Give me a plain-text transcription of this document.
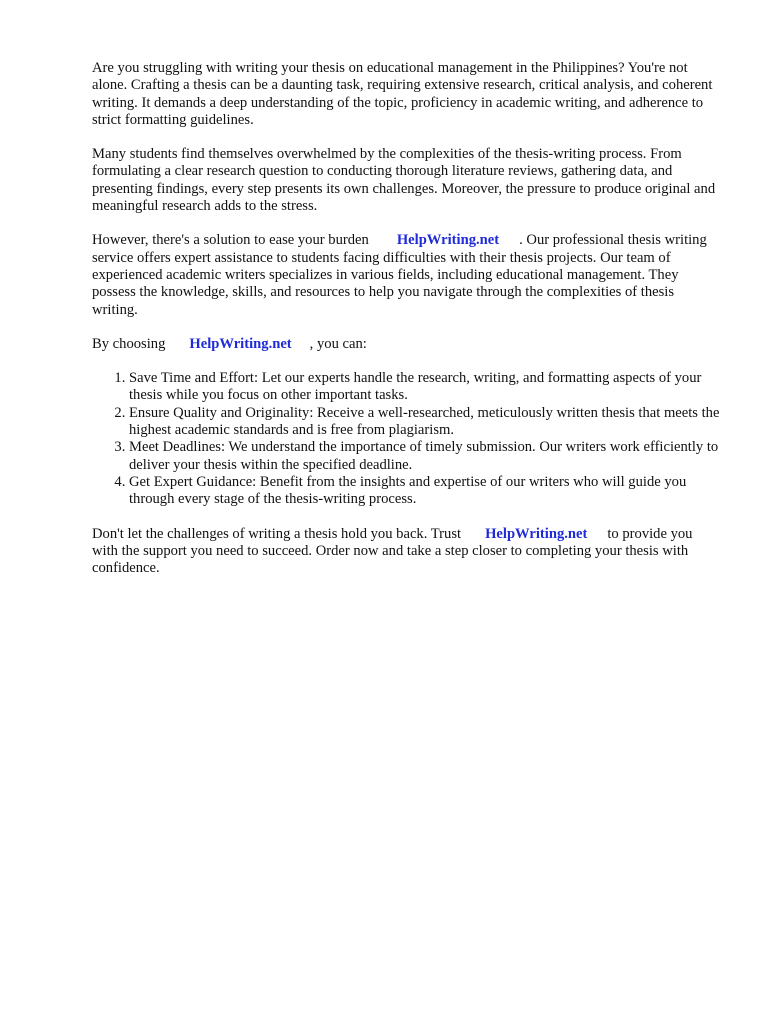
Are you struggling with writing your thesis on educational management in the Philippines? You're not alone. Crafting a thesis can be a daunting task, requiring extensive research, critical analysis, and coherent writing. It demands a deep understanding of the topic, proficiency in academic writing, and adherence to strict formatting guidelines.

Many students find themselves overwhelmed by the complexities of the thesis-writing process. From formulating a clear research question to conducting thorough literature reviews, gathering data, and presenting findings, every step presents its own challenges. Moreover, the pressure to produce original and meaningful research adds to the stress.

However, there's a solution to ease your burden HelpWriting.net . Our professional thesis writing service offers expert assistance to students facing difficulties with their thesis projects. Our team of experienced academic writers specializes in various fields, including educational management. They possess the knowledge, skills, and resources to help you navigate through the complexities of thesis writing.

By choosing HelpWriting.net , you can:

1. Save Time and Effort: Let our experts handle the research, writing, and formatting aspects of your thesis while you focus on other important tasks.
2. Ensure Quality and Originality: Receive a well-researched, meticulously written thesis that meets the highest academic standards and is free from plagiarism.
3. Meet Deadlines: We understand the importance of timely submission. Our writers work efficiently to deliver your thesis within the specified deadline.
4. Get Expert Guidance: Benefit from the insights and expertise of our writers who will guide you through every stage of the thesis-writing process.

Don't let the challenges of writing a thesis hold you back. Trust HelpWriting.net to provide you with the support you need to succeed. Order now and take a step closer to completing your thesis with confidence.
